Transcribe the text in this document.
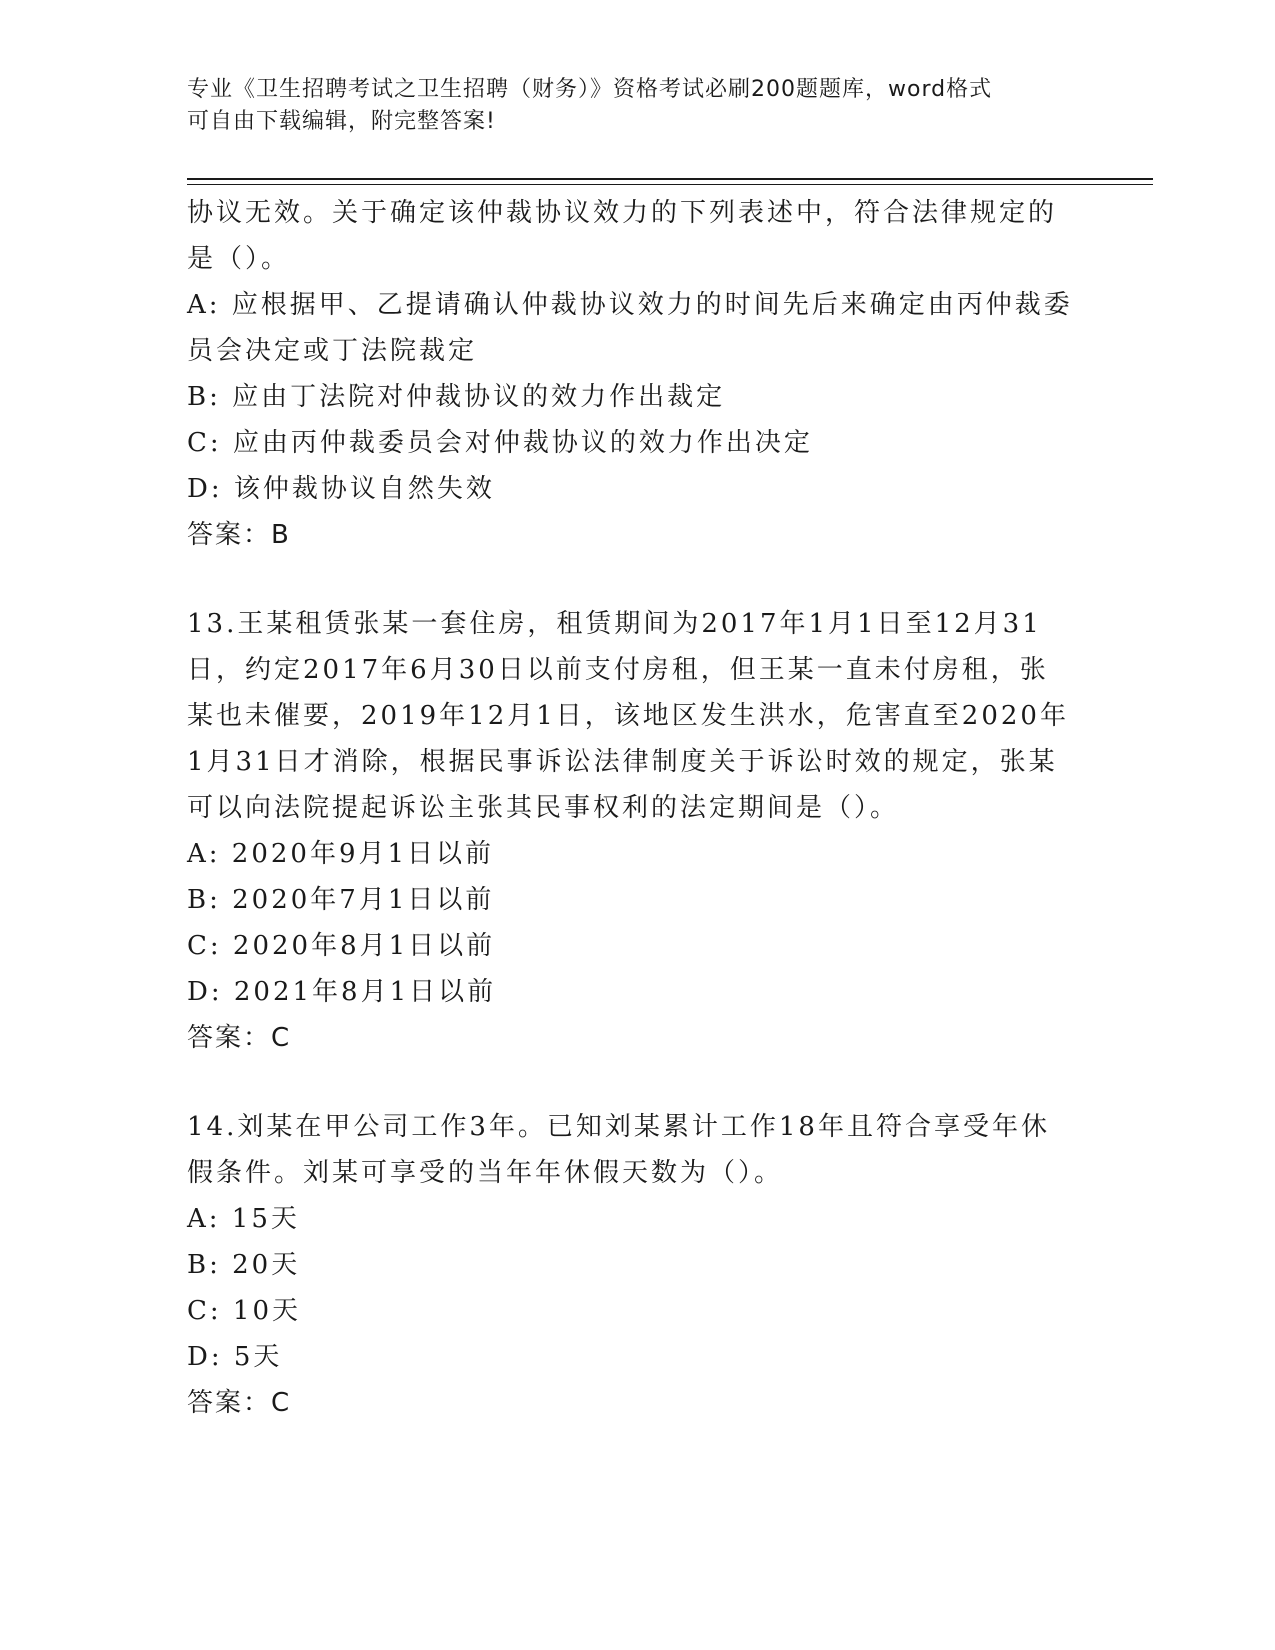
专业《卫生招聘考试之卫生招聘（财务）》资格考试必刷200题题库，word格式
可自由下载编辑，附完整答案!
协议无效。关于确定该仲裁协议效力的下列表述中，符合法律规定的
是（）。
A: 应根据甲、乙提请确认仲裁协议效力的时间先后来确定由丙仲裁委
员会决定或丁法院裁定
B: 应由丁法院对仲裁协议的效力作出裁定
C: 应由丙仲裁委员会对仲裁协议的效力作出决定
D: 该仲裁协议自然失效
答案：B
13.王某租赁张某一套住房，租赁期间为2017年1月1日至12月31
日，约定2017年6月30日以前支付房租，但王某一直未付房租，张
某也未催要，2019年12月1日，该地区发生洪水，危害直至2020年
1月31日才消除，根据民事诉讼法律制度关于诉讼时效的规定，张某
可以向法院提起诉讼主张其民事权利的法定期间是（）。
A: 2020年9月1日以前
B: 2020年7月1日以前
C: 2020年8月1日以前
D: 2021年8月1日以前
答案：C
14.刘某在甲公司工作3年。已知刘某累计工作18年且符合享受年休
假条件。刘某可享受的当年年休假天数为（）。
A: 15天
B: 20天
C: 10天
D: 5天
答案：C
